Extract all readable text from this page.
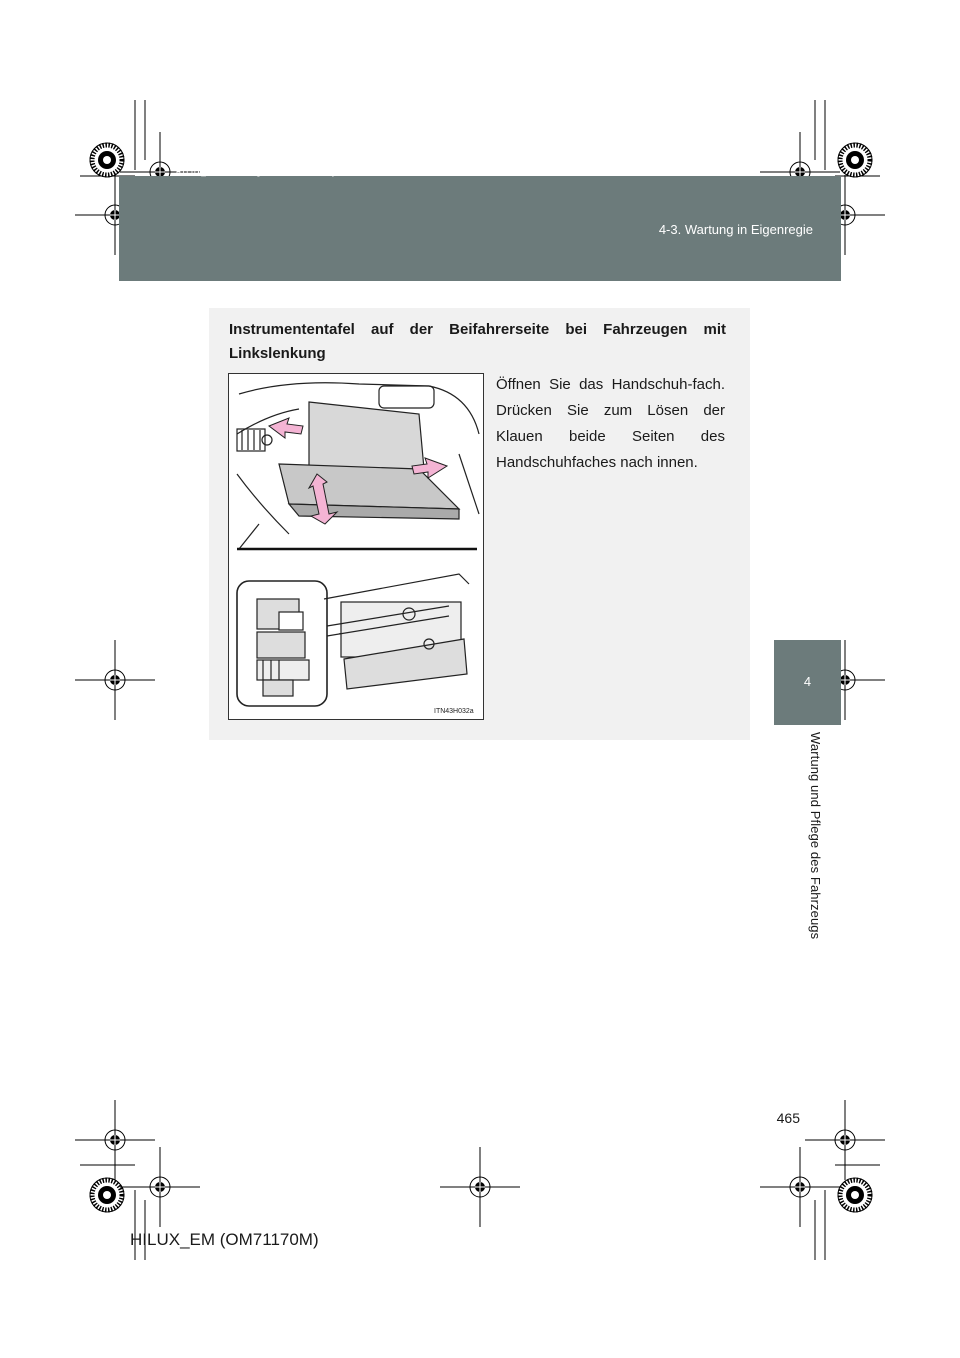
HILUX_EM.book Page 465 Wednesday, March 23, 2011 2:48 PM
4-3. Wartung in Eigenregie
4
Wartung und Pflege des Fahrzeugs
Instrumententafel auf der Beifahrerseite bei Fahrzeugen mit Linkslenkung
ITN43H032a
Öffnen Sie das Handschuh-fach. Drücken Sie zum Lösen der Klauen beide Seiten des Handschuhfaches nach innen.
465
HILUX_EM (OM71170M)
